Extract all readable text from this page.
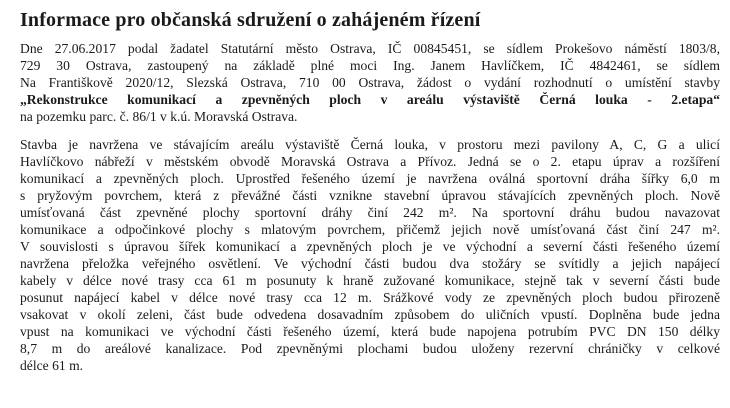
Informace pro občanská sdružení o zahájeném řízení
Dne 27.06.2017 podal žadatel Statutární město Ostrava, IČ 00845451, se sídlem Prokešovo náměstí 1803/8,
729 30 Ostrava, zastoupený na základě plné moci Ing. Janem Havlíčkem, IČ 4842461, se sídlem
Na Františkově 2020/12, Slezská Ostrava, 710 00 Ostrava, žádost o vydání rozhodnutí o umístění stavby
„Rekonstrukce komunikací a zpevněných ploch v areálu výstaviště Černá louka - 2.etapa“
na pozemku parc. č. 86/1 v k.ú. Moravská Ostrava.
Stavba je navržena ve stávajícím areálu výstaviště Černá louka, v prostoru mezi pavilony A, C, G a ulicí
Havlíčkovo nábřeží v městském obvodě Moravská Ostrava a Přívoz. Jedná se o 2. etapu úprav a rozšíření
komunikací a zpevněných ploch. Uprostřed řešeného území je navržena oválná sportovní dráha šířky 6,0 m
s pryžovým povrchem, která z převážné části vznikne stavební úpravou stávajících zpevněných ploch. Nově
umísťovaná část zpevněné plochy sportovní dráhy činí 242 m². Na sportovní dráhu budou navazovat
komunikace a odpočinkové plochy s mlatovým povrchem, přičemž jejich nově umísťovaná část činí 247 m².
V souvislosti s úpravou šířek komunikací a zpevněných ploch je ve východní a severní části řešeného území
navržena přeložka veřejného osvětlení. Ve východní části budou dva stožáry se svítidly a jejich napájecí
kabely v délce nové trasy cca 61 m posunuty k hraně zužované komunikace, stejně tak v severní části bude
posunut napájecí kabel v délce nové trasy cca 12 m. Srážkové vody ze zpevněných ploch budou přirozeně
vsakovat v okolí zeleni, část bude odvedena dosavadním způsobem do uličních vpustí. Doplněna bude jedna
vpust na komunikaci ve východní části řešeného území, která bude napojena potrubím PVC DN 150 délky
8,7 m do areálové kanalizace. Pod zpevněnými plochami budou uloženy rezervní chráničky v celkové
délce 61 m.
